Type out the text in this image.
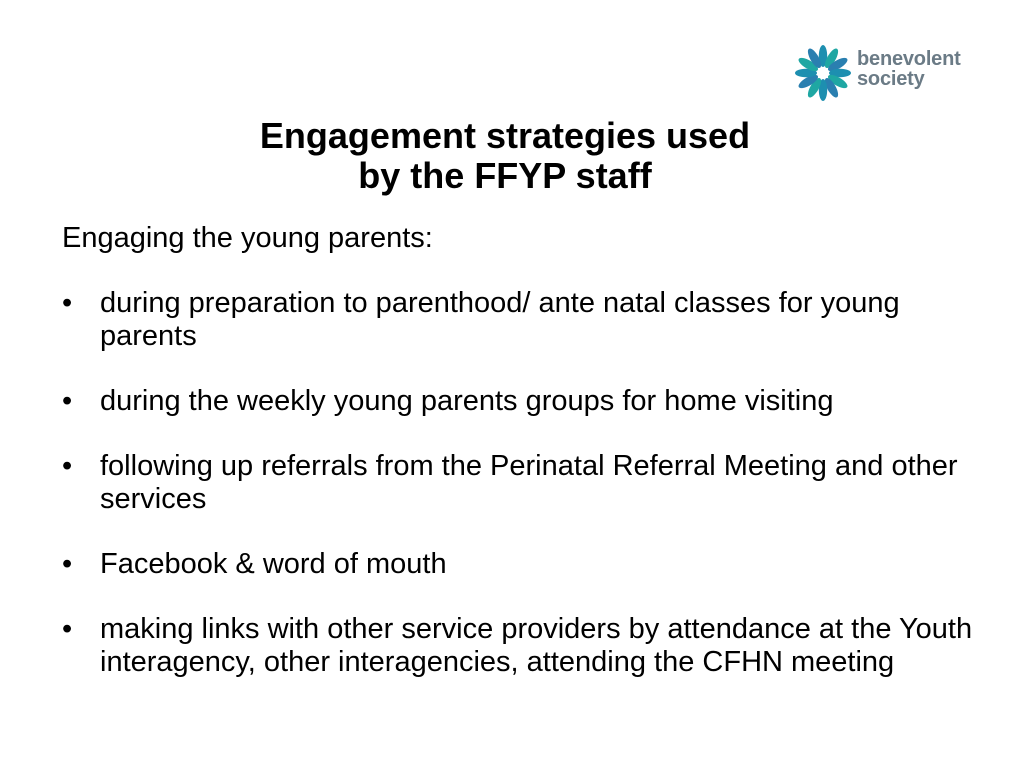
benevolent
society
Engagement strategies used
by the FFYP staff

Engaging the young parents:

• during preparation to parenthood/ ante natal classes for young parents
• during the weekly young parents groups for home visiting
• following up referrals from the Perinatal Referral Meeting and other services
• Facebook & word of mouth
• making links with other service providers by attendance at the Youth interagency, other interagencies, attending the CFHN meeting
